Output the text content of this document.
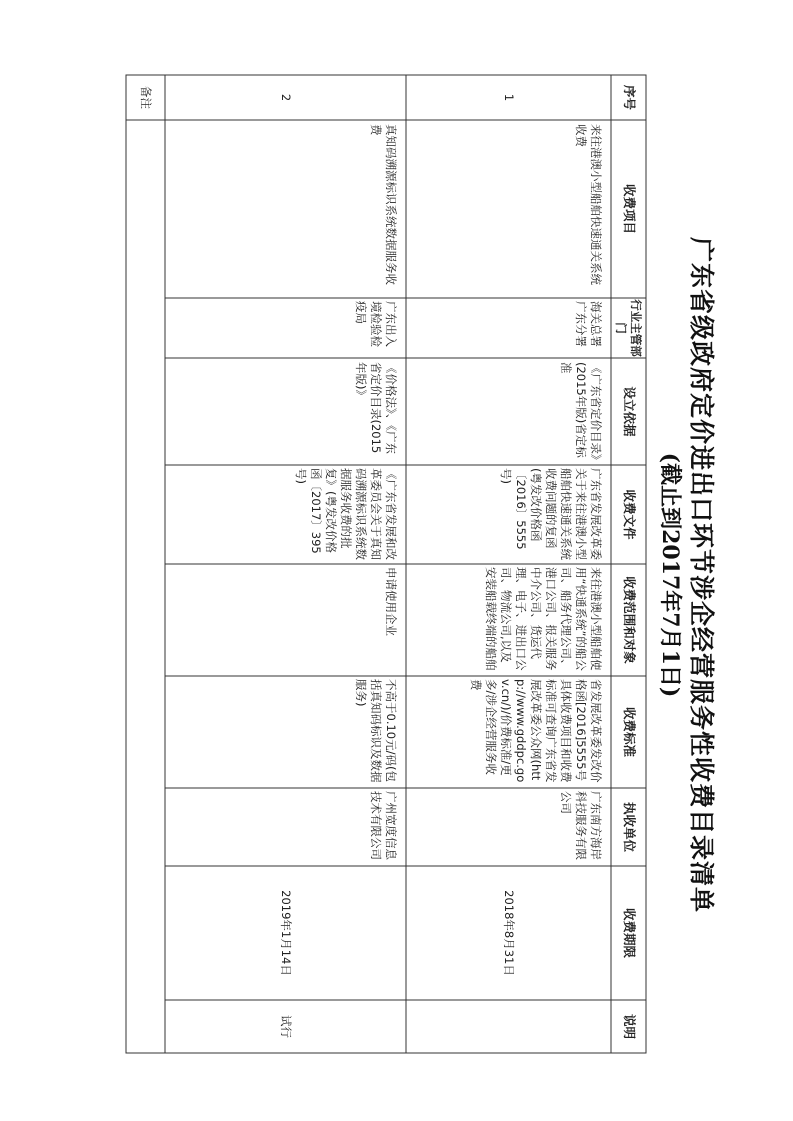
广东省级政府定价进出口环节涉企经营服务性收费目录清单
(截止到2017年7月1日)
序号
收费项目
行业主管部门
设立依据
收费文件
收费范围和对象
收费标准
执收单位
收费期限
说明
1
来往港澳小型船舶快速通关系统收费
海关总署广东分署
《广东省定价目录》(2015年版)省定标准
广东省发展改革委关于来往港澳小型船舶快速通关系统收费问题的复函(粤发改价格函〔2016〕5555号)
来往港澳小型船舶使用“快通系统”的船公司、船务代理公司、港口公司、报关服务中介公司、货运代理、电子、进出口公司、物流公司,以及安装船载终端的船舶
省发展改革委发改价格函[2016]5555号具体收费项目和收费标准可查询广东省发展改革委公众网(http://www.gddpc.gov.cn/)/价费标准/更多/涉企经营服务收费
广东南方海岸科技服务有限公司
2018年8月31日
2
真知码溯源标识系统数据服务收费
广东出入境检验检疫局
《价格法》、《广东省定价目录(2015年版)》
《广东省发展和改革委员会关于真知码溯源标识系统数据服务收费的批复》(粤发改价格函〔2017〕395号)
申请使用企业
不高于0.10元/码(包括真知码标识及数据服务)
广州宽度信息技术有限公司
2019年1月14日
试行
备注
